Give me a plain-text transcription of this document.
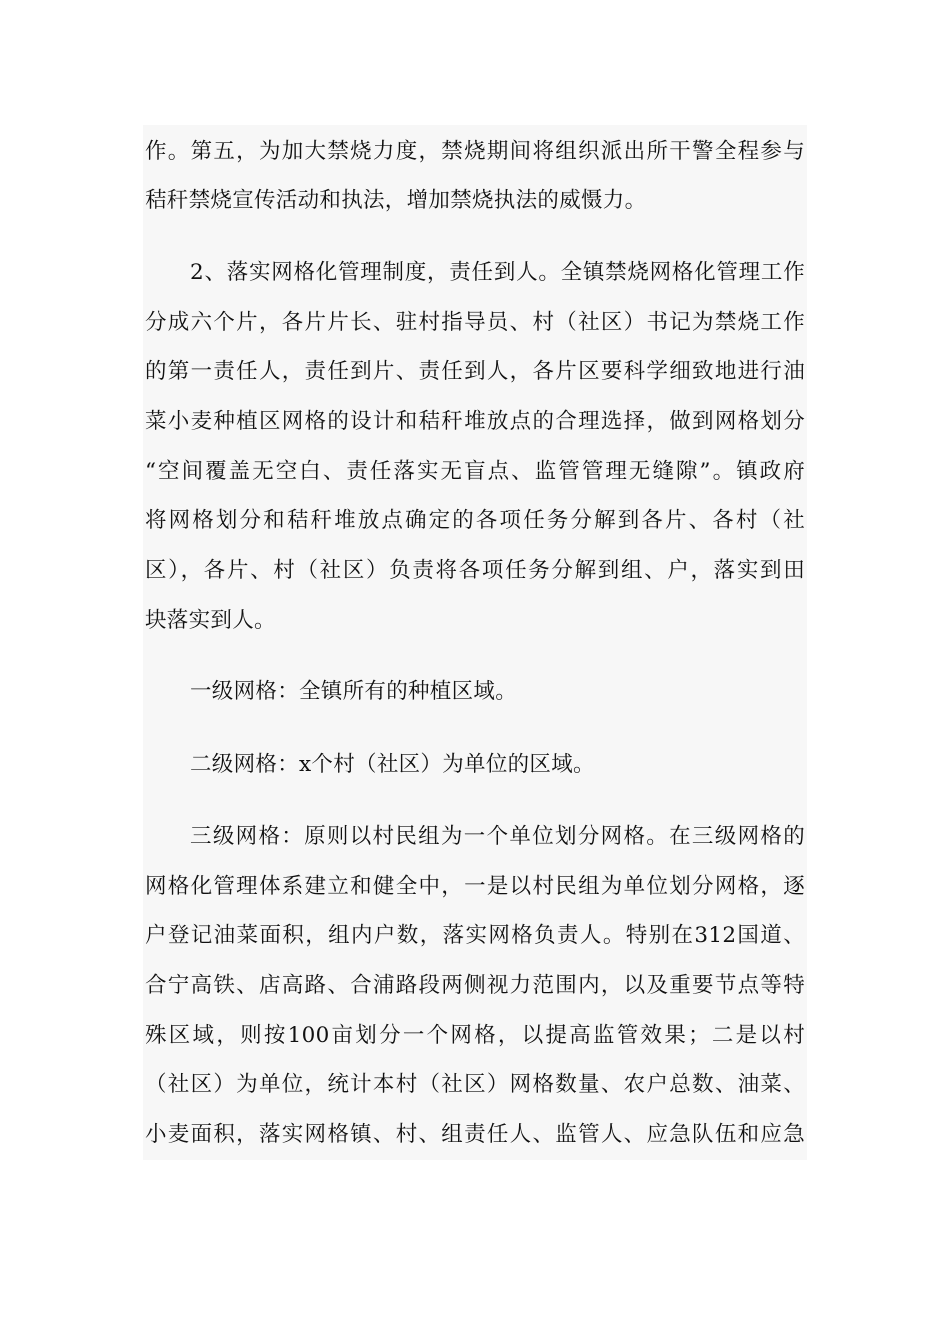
作。第五，为加大禁烧力度，禁烧期间将组织派出所干警全程参与
秸秆禁烧宣传活动和执法，增加禁烧执法的威慑力。
2、落实网格化管理制度，责任到人。全镇禁烧网格化管理工作
分成六个片，各片片长、驻村指导员、村（社区）书记为禁烧工作
的第一责任人，责任到片、责任到人，各片区要科学细致地进行油
菜小麦种植区网格的设计和秸秆堆放点的合理选择，做到网格划分
“空间覆盖无空白、责任落实无盲点、监管管理无缝隙”。镇政府
将网格划分和秸秆堆放点确定的各项任务分解到各片、各村（社
区），各片、村（社区）负责将各项任务分解到组、户，落实到田
块落实到人。
一级网格：全镇所有的种植区域。
二级网格：x个村（社区）为单位的区域。
三级网格：原则以村民组为一个单位划分网格。在三级网格的
网格化管理体系建立和健全中，一是以村民组为单位划分网格，逐
户登记油菜面积，组内户数，落实网格负责人。特别在312国道、
合宁高铁、店高路、合浦路段两侧视力范围内，以及重要节点等特
殊区域，则按100亩划分一个网格，以提高监管效果；二是以村
（社区）为单位，统计本村（社区）网格数量、农户总数、油菜、
小麦面积，落实网格镇、村、组责任人、监管人、应急队伍和应急
